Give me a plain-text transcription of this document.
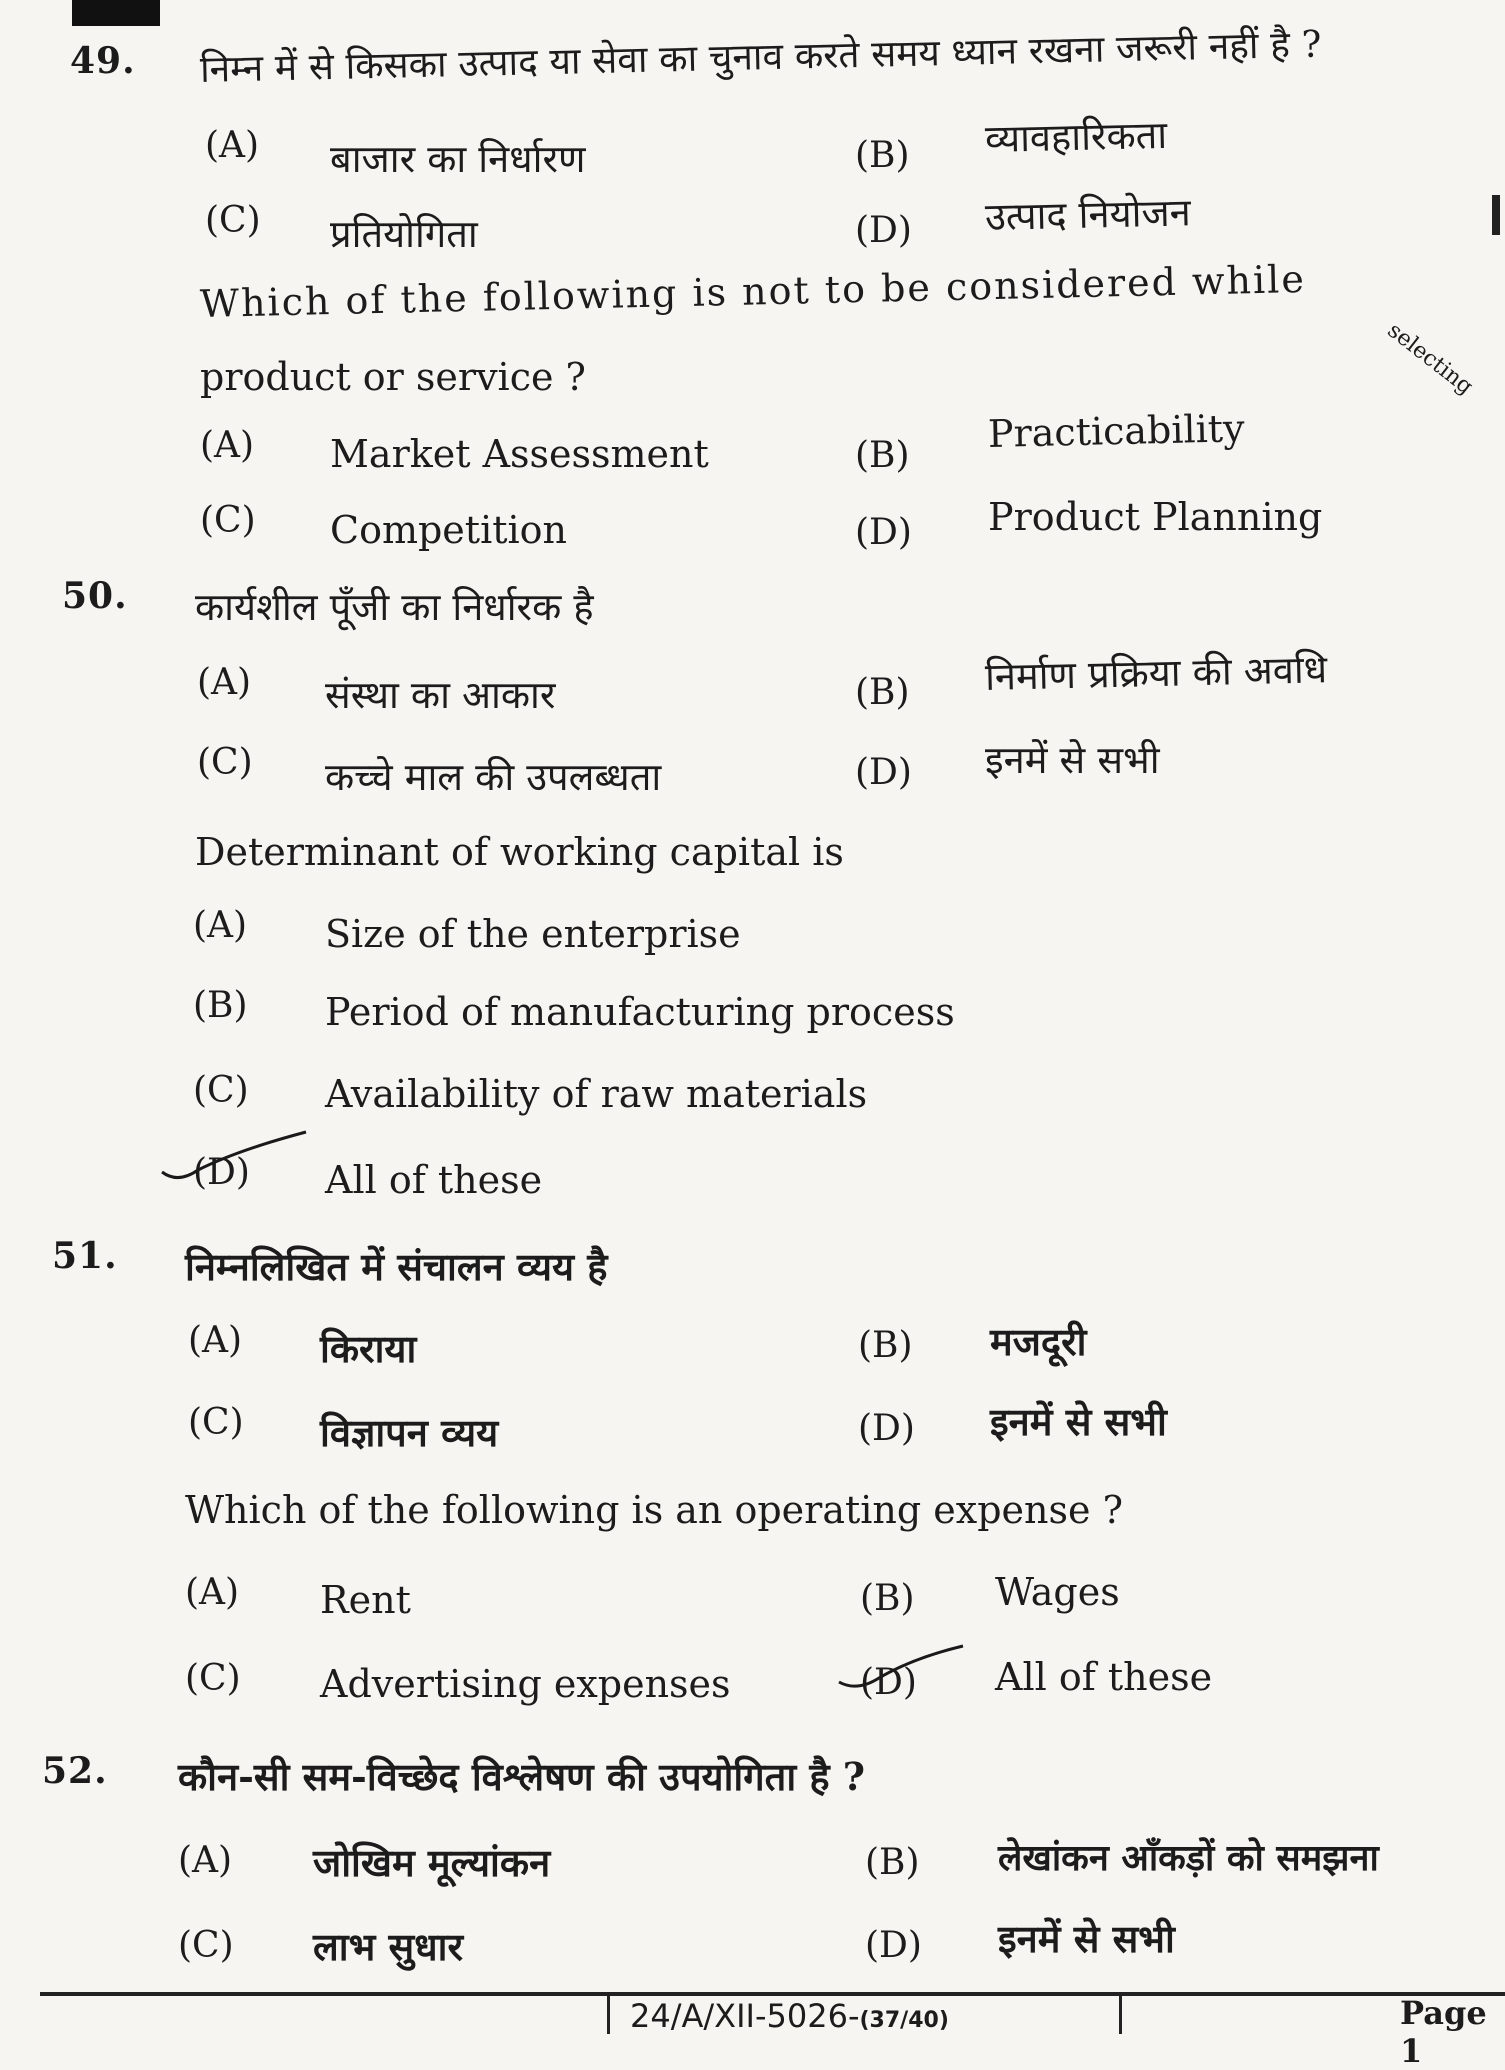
49. निम्न में से किसका उत्पाद या सेवा का चुनाव करते समय ध्यान रखना जरूरी नहीं है ?
(A) बाजार का निर्धारण	(B) व्यावहारिकता
(C) प्रतियोगिता	(D) उत्पाद नियोजन
Which of the following is not to be considered while
selecting
product or service ?
(A) Market Assessment	(B) Practicability
(C) Competition	(D) Product Planning
50. कार्यशील पूँजी का निर्धारक है
(A) संस्था का आकार	(B) निर्माण प्रक्रिया की अवधि
(C) कच्चे माल की उपलब्धता	(D) इनमें से सभी
Determinant of working capital is
(A) Size of the enterprise
(B) Period of manufacturing process
(C) Availability of raw materials
(D) All of these
51. निम्नलिखित में संचालन व्यय है
(A) किराया	(B) मजदूरी
(C) विज्ञापन व्यय	(D) इनमें से सभी
Which of the following is an operating expense ?
(A) Rent	(B) Wages
(C) Advertising expenses	(D) All of these
52. कौन-सी सम-विच्छेद विश्लेषण की उपयोगिता है ?
(A) जोखिम मूल्यांकन	(B) लेखांकन आँकड़ों को समझना
(C) लाभ सुधार	(D) इनमें से सभी
24/A/XII-5026-(37/40)	Page 1
